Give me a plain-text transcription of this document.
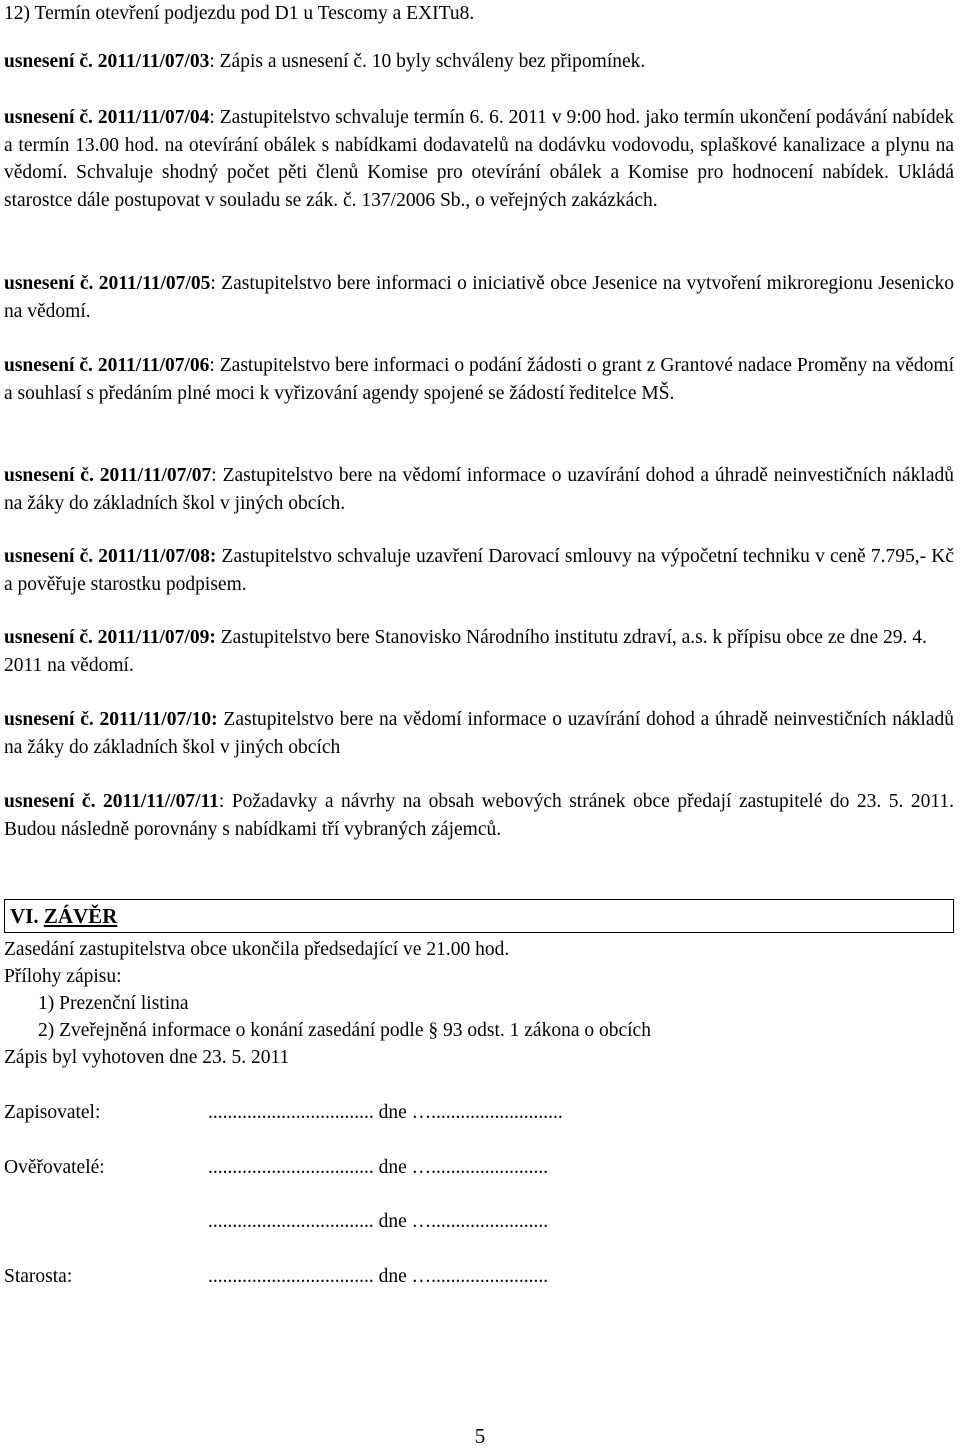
12) Termín otevření podjezdu pod D1 u Tescomy a EXITu8.

usnesení č. 2011/11/07/03: Zápis a usnesení č. 10 byly schváleny bez připomínek.

usnesení č. 2011/11/07/04: Zastupitelstvo schvaluje termín 6. 6. 2011 v 9:00 hod. jako termín ukončení podávání nabídek a termín 13.00 hod. na otevírání obálek s nabídkami dodavatelů na dodávku vodovodu, splaškové kanalizace a plynu na vědomí. Schvaluje shodný počet pěti členů Komise pro otevírání obálek a Komise pro hodnocení nabídek. Ukládá starostce dále postupovat v souladu se zák. č. 137/2006 Sb., o veřejných zakázkách.

usnesení č. 2011/11/07/05: Zastupitelstvo bere informaci o iniciativě obce Jesenice na vytvoření mikroregionu Jesenicko na vědomí.

usnesení č. 2011/11/07/06: Zastupitelstvo bere informaci o podání žádosti o grant z Grantové nadace Proměny na vědomí a souhlasí s předáním plné moci k vyřizování agendy spojené se žádostí ředitelce MŠ.

usnesení č. 2011/11/07/07: Zastupitelstvo bere na vědomí informace o uzavírání dohod a úhradě neinvestičních nákladů na žáky do základních škol v jiných obcích.

usnesení č. 2011/11/07/08: Zastupitelstvo schvaluje uzavření Darovací smlouvy na výpočetní techniku v ceně 7.795,- Kč a pověřuje starostku podpisem.

usnesení č. 2011/11/07/09: Zastupitelstvo bere Stanovisko Národního institutu zdraví, a.s. k přípisu obce ze dne 29. 4. 2011 na vědomí.

usnesení č. 2011/11/07/10: Zastupitelstvo bere na vědomí informace o uzavírání dohod a úhradě neinvestičních nákladů na žáky do základních škol v jiných obcích

usnesení č. 2011/11//07/11: Požadavky a návrhy na obsah webových stránek obce předají zastupitelé do 23. 5. 2011. Budou následně porovnány s nabídkami tří vybraných zájemců.

VI. ZÁVĚR
Zasedání zastupitelstva obce ukončila předsedající ve 21.00 hod.
Přílohy zápisu:
1) Prezenční listina
2) Zveřejněná informace o konání zasedání podle § 93 odst. 1 zákona o obcích
Zápis byl vyhotoven dne 23. 5. 2011
Zapisovatel:	.................................. dne …...........................
Ověřovatelé:	.................................. dne …........................
.................................. dne …........................
Starosta:	.................................. dne …........................
5
